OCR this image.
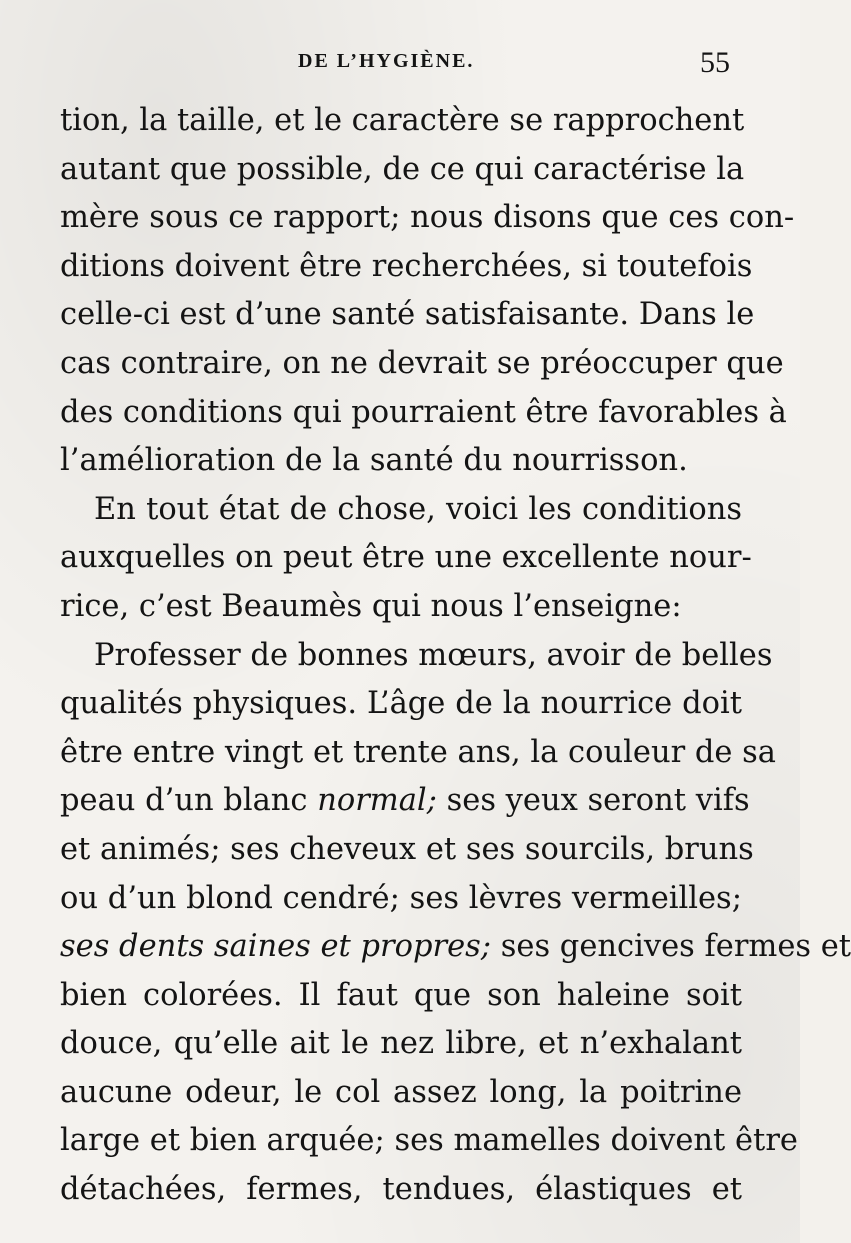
DE L’HYGIÈNE.	55
tion, la taille, et le caractère se rapprochent
autant que possible, de ce qui caractérise la
mère sous ce rapport; nous disons que ces con-
ditions doivent être recherchées, si toutefois
celle-ci est d’une santé satisfaisante. Dans le
cas contraire, on ne devrait se préoccuper que
des conditions qui pourraient être favorables à
l’amélioration de la santé du nourrisson.
En tout état de chose, voici les conditions
auxquelles on peut être une excellente nour-
rice, c’est Beaumès qui nous l’enseigne:
Professer de bonnes mœurs, avoir de belles
qualités physiques. L’âge de la nourrice doit
être entre vingt et trente ans, la couleur de sa
peau d’un blanc normal; ses yeux seront vifs
et animés; ses cheveux et ses sourcils, bruns
ou d’un blond cendré; ses lèvres vermeilles;
ses dents saines et propres; ses gencives fermes et
bien colorées. Il faut que son haleine soit
douce, qu’elle ait le nez libre, et n’exhalant
aucune odeur, le col assez long, la poitrine
large et bien arquée; ses mamelles doivent être
détachées, fermes, tendues, élastiques et
